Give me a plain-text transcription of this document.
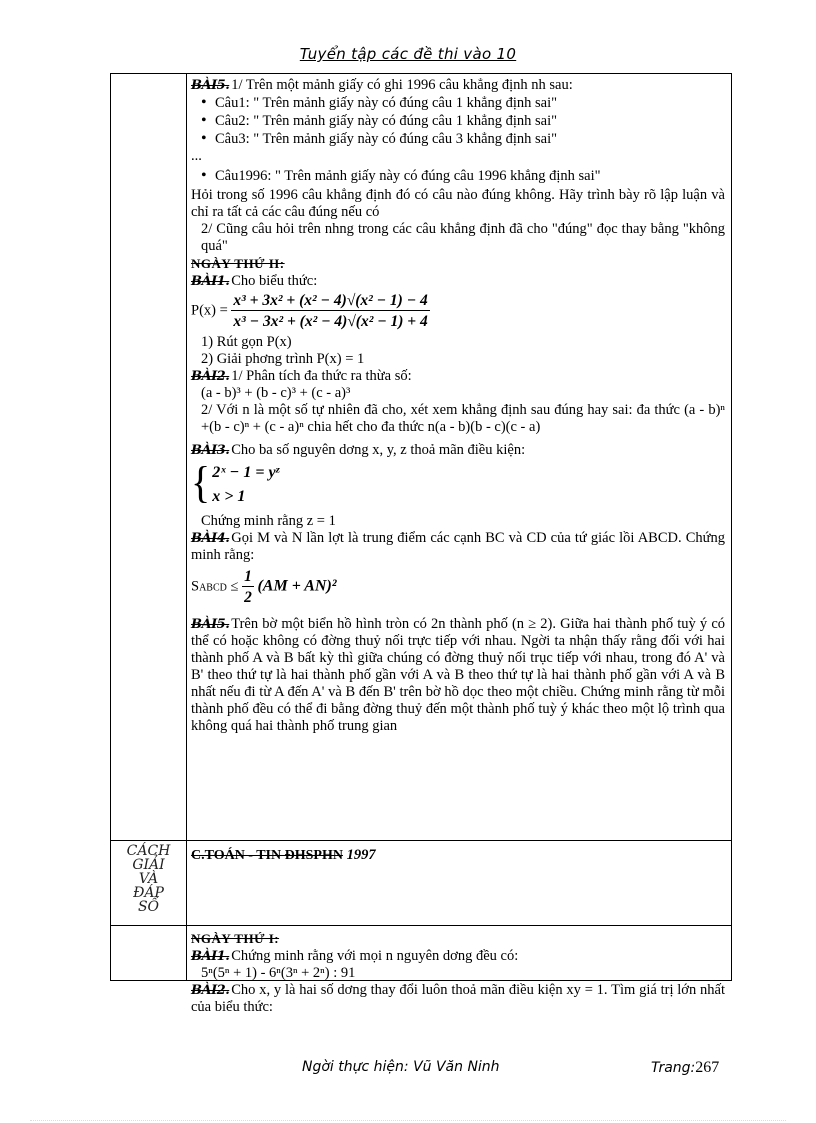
Tuyển tập các đề thi vào 10
CÁCH
GIẢI
VÀ
ĐÁP
SỐ

BÀI5. 1/ Trên một mảnh giấy có ghi 1996 câu khẳng định nh sau:

• Câu1: " Trên mảnh giấy này có đúng câu 1 khẳng định sai"

• Câu2: " Trên mảnh giấy này có đúng câu 1 khẳng định sai"

• Câu3: " Trên mảnh giấy này có đúng câu 3 khẳng định sai"

...

• Câu1996: " Trên mảnh giấy này có đúng câu 1996 khẳng định sai"

Hỏi trong số 1996 câu khẳng định đó có câu nào đúng không. Hãy trình bày rõ lập luận và chỉ ra tất cả các câu đúng nếu có

2/ Cũng câu hỏi trên nhng trong các câu khẳng định đã cho "đúng" đọc thay bằng "không quá"

NGÀY THỨ II:

BÀI1. Cho biểu thức:

$P(x) = \frac{\text{x³ + 3x² + (x² − 4)√(x² − 1) − 4}}{\text{x³ − 3x² + (x² − 4)√(x² − 1) + 4}}$

1) Rút gọn P(x)

2) Giải phơng trình P(x) = 1

BÀI2. 1/ Phân tích đa thức ra thừa số:

(a - b)³ + (b - c)³ + (c - a)³

2/ Với n là một số tự nhiên đã cho, xét xem khẳng định sau đúng hay sai: đa thức (a - b)ⁿ +(b - c)ⁿ + (c - a)ⁿ chia hết cho đa thức n(a - b)(b - c)(c - a)

BÀI3. Cho ba số nguyên dơng x, y, z thoả mãn điều kiện:

{ 2ˣ − 1 = yᶻ
x > 1

Chứng minh rằng z = 1

BÀI4. Gọi M và N lần lợt là trung điểm các cạnh BC và CD của tứ giác lồi ABCD. Chứng minh rằng:

SABCD ≤ $\frac{1}{2} (AM + AN)^2$

BÀI5. Trên bờ một biển hồ hình tròn có 2n thành phố (n ≥ 2). Giữa hai thành phố tuỳ ý có thể có hoặc không có đờng thuỷ nối trực tiếp với nhau. Ngời ta nhận thấy rằng đối với hai thành phố A và B bất kỳ thì giữa chúng có đờng thuỷ nối trục tiếp với nhau, trong đó A' và B' theo thứ tự là hai thành phố gần với A và B theo thứ tự là hai thành phố gần với A và B nhất nếu đi từ A đến A' và B đến B' trên bờ hồ dọc theo một chiều. Chứng minh rằng từ mỗi thành phố đều có thể đi bằng đờng thuỷ đến một thành phố tuỳ ý khác theo một lộ trình qua không quá hai thành phố trung gian

C.TOÁN - TIN ĐHSPHN 1997

NGÀY THỨ I:

BÀI1. Chứng minh rằng với mọi n nguyên dơng đều có:

5ⁿ(5ⁿ + 1) - 6ⁿ(3ⁿ + 2ⁿ) : 91

BÀI2. Cho x, y là hai số dơng thay đổi luôn thoả mãn điều kiện xy = 1. Tìm giá trị lớn nhất của biểu thức:

Ngời thực hiện: Vũ Văn Ninh	Trang:267
